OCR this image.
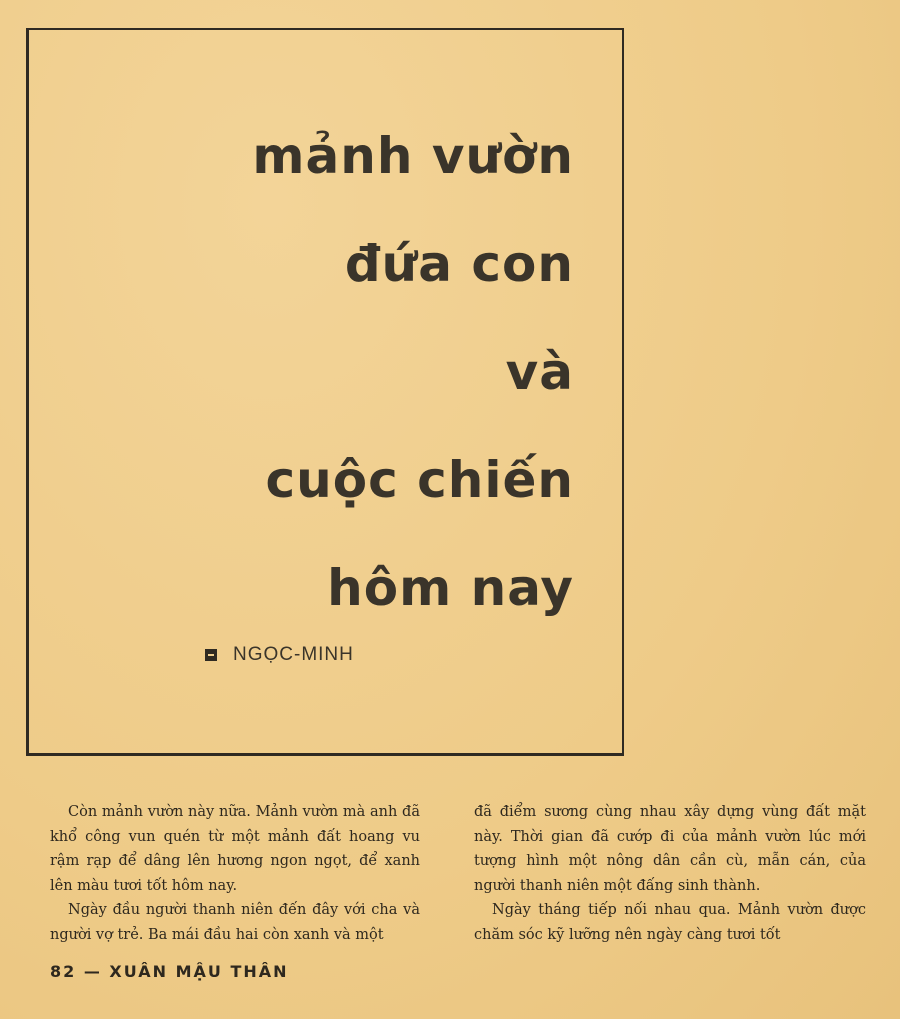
mảnh vườn
đứa con
và
cuộc chiến
hôm nay
NGỌC-MINH

Còn mảnh vườn này nữa. Mảnh vườn mà anh đã khổ công vun quén từ một mảnh đất hoang vu rậm rạp để dâng lên hương ngon ngọt, để xanh lên màu tươi tốt hôm nay.

Ngày đầu người thanh niên đến đây với cha và người vợ trẻ. Ba mái đầu hai còn xanh và một

đã điểm sương cùng nhau xây dựng vùng đất mặt này. Thời gian đã cướp đi của mảnh vườn lúc mới tượng hình một nông dân cần cù, mẫn cán, của người thanh niên một đấng sinh thành.

Ngày tháng tiếp nối nhau qua. Mảnh vườn được chăm sóc kỹ lưỡng nên ngày càng tươi tốt

82 — XUÂN MẬU THÂN
